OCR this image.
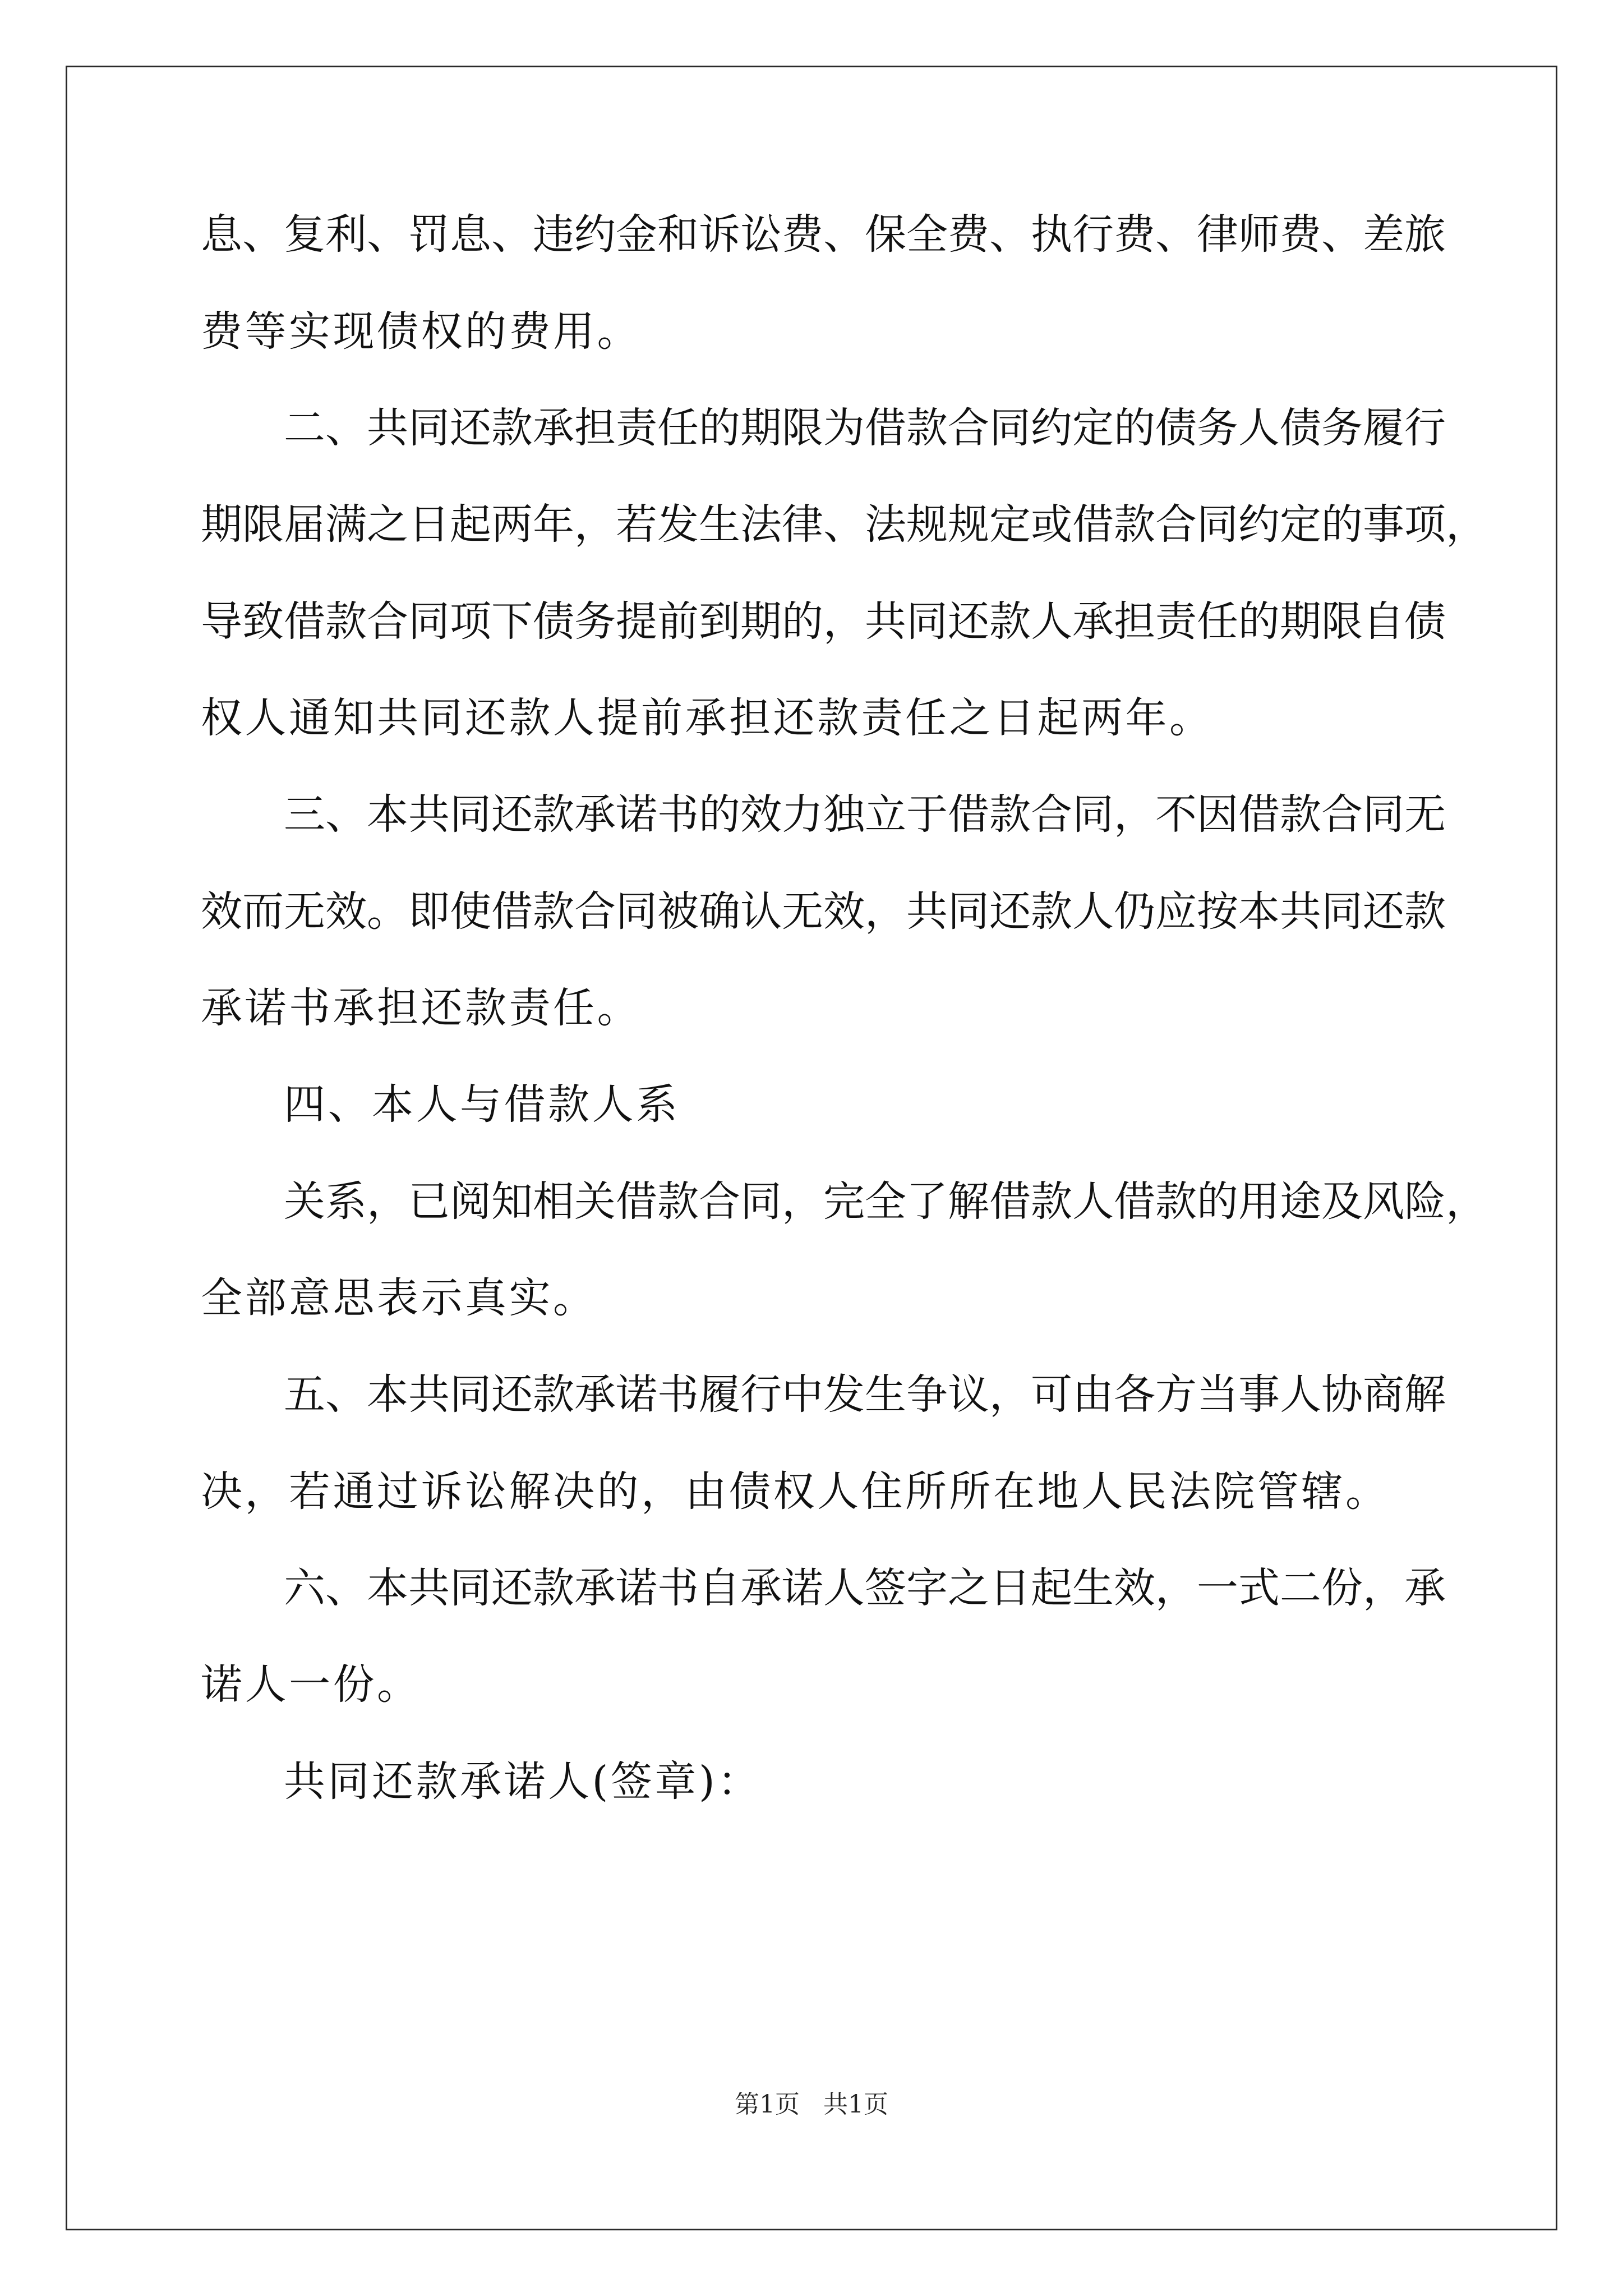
息、复利、罚息、违约金和诉讼费、保全费、执行费、律师费、差旅
费等实现债权的费用。
二、共同还款承担责任的期限为借款合同约定的债务人债务履行
期限届满之日起两年，若发生法律、法规规定或借款合同约定的事项，
导致借款合同项下债务提前到期的，共同还款人承担责任的期限自债
权人通知共同还款人提前承担还款责任之日起两年。
三、本共同还款承诺书的效力独立于借款合同，不因借款合同无
效而无效。即使借款合同被确认无效，共同还款人仍应按本共同还款
承诺书承担还款责任。
四、本人与借款人系
关系，已阅知相关借款合同，完全了解借款人借款的用途及风险，
全部意思表示真实。
五、本共同还款承诺书履行中发生争议，可由各方当事人协商解
决，若通过诉讼解决的，由债权人住所所在地人民法院管辖。
六、本共同还款承诺书自承诺人签字之日起生效，一式二份，承
诺人一份。
共同还款承诺人(签章)：
第1页   共1页
